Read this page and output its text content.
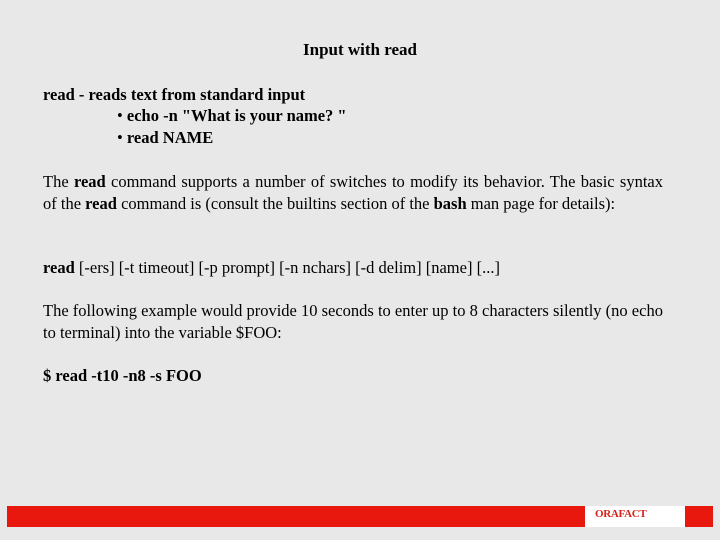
Input with read
read - reads text from standard input
• echo -n "What is your name? "
• read NAME
The read command supports a number of switches to modify its behavior. The basic syntax of the read command is (consult the builtins section of the bash man page for details):
read [-ers] [-t timeout] [-p prompt] [-n nchars] [-d delim] [name] [...]
The following example would provide 10 seconds to enter up to 8 characters silently (no echo to terminal) into the variable $FOO:
$ read -t10 -n8 -s FOO
ORAFACT
